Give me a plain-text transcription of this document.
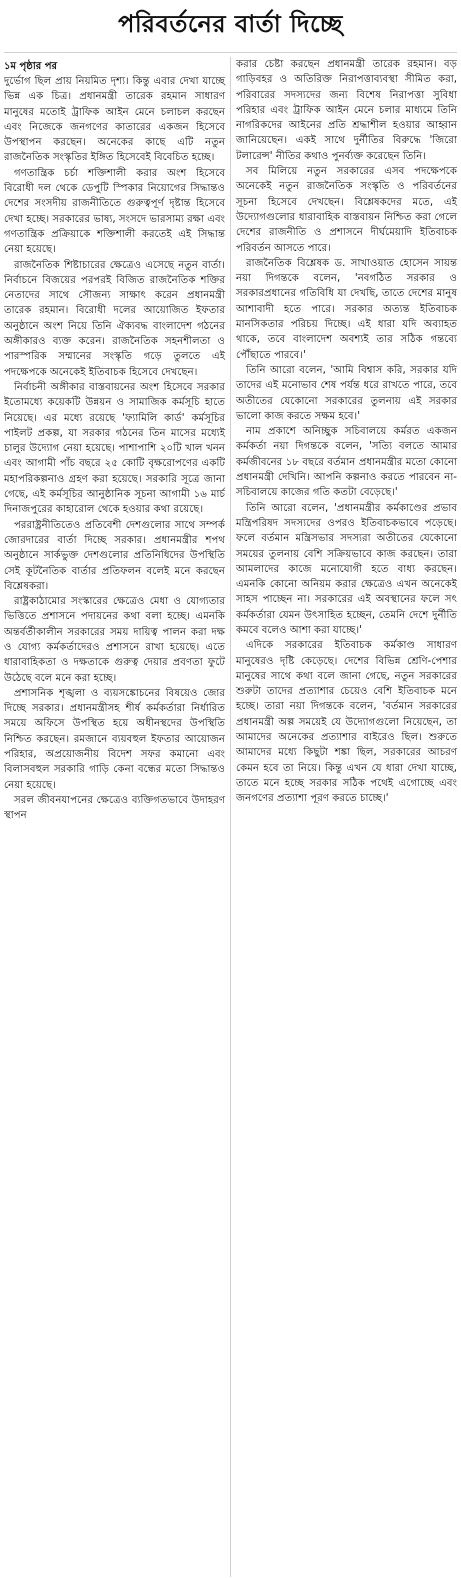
পরিবর্তনের বার্তা দিচ্ছে

১ম পৃষ্ঠার পর

দুর্ভোগ ছিল প্রায় নিয়মিত দৃশ্য। কিন্তু এবার দেখা যাচ্ছে ভিন্ন এক চিত্র। প্রধানমন্ত্রী তারেক রহমান সাধারণ মানুষের মতোই ট্রাফিক আইন মেনে চলাচল করছেন এবং নিজেকে জনগণের কাতারের একজন হিসেবে উপস্থাপন করছেন। অনেকের কাছে এটি নতুন রাজনৈতিক সংস্কৃতির ইঙ্গিত হিসেবেই বিবেচিত হচ্ছে।

গণতান্ত্রিক চর্চা শক্তিশালী করার অংশ হিসেবে বিরোধী দল থেকে ডেপুটি স্পিকার নিয়োগের সিদ্ধান্তও দেশের সংসদীয় রাজনীতিতে গুরুত্বপূর্ণ দৃষ্টান্ত হিসেবে দেখা হচ্ছে। সরকারের ভাষ্য, সংসদে ভারসাম্য রক্ষা এবং গণতান্ত্রিক প্রক্রিয়াকে শক্তিশালী করতেই এই সিদ্ধান্ত নেয়া হয়েছে।

রাজনৈতিক শিষ্টাচারের ক্ষেত্রেও এসেছে নতুন বার্তা। নির্বাচনে বিজয়ের পরপরই বিজিত রাজনৈতিক শক্তির নেতাদের সাথে সৌজন্য সাক্ষাৎ করেন প্রধানমন্ত্রী তারেক রহমান। বিরোধী দলের আয়োজিত ইফতার অনুষ্ঠানে অংশ নিয়ে তিনি ঐক্যবদ্ধ বাংলাদেশ গঠনের অঙ্গীকারও ব্যক্ত করেন। রাজনৈতিক সহনশীলতা ও পারস্পরিক সম্মানের সংস্কৃতি গড়ে তুলতে এই পদক্ষেপকে অনেকেই ইতিবাচক হিসেবে দেখছেন।

নির্বাচনী অঙ্গীকার বাস্তবায়নের অংশ হিসেবে সরকার ইতোমধ্যে কয়েকটি উন্নয়ন ও সামাজিক কর্মসূচি হাতে নিয়েছে। এর মধ্যে রয়েছে 'ফ্যামিলি কার্ড' কর্মসূচির পাইলট প্রকল্প, যা সরকার গঠনের তিন মাসের মধ্যেই চালুর উদ্যোগ নেয়া হয়েছে। পাশাপাশি ২০টি খাল খনন এবং আগামী পাঁচ বছরে ২৫ কোটি বৃক্ষরোপণের একটি মহাপরিকল্পনাও গ্রহণ করা হয়েছে। সরকারি সূত্রে জানা গেছে, এই কর্মসূচির আনুষ্ঠানিক সূচনা আগামী ১৬ মার্চ দিনাজপুরের কাহারোল থেকে হওয়ার কথা রয়েছে।

পররাষ্ট্রনীতিতেও প্রতিবেশী দেশগুলোর সাথে সম্পর্ক জোরদারের বার্তা দিচ্ছে সরকার। প্রধানমন্ত্রীর শপথ অনুষ্ঠানে সার্কভুক্ত দেশগুলোর প্রতিনিধিদের উপস্থিতি সেই কূটনৈতিক বার্তার প্রতিফলন বলেই মনে করছেন বিশ্লেষকরা।

রাষ্ট্রকাঠামোর সংস্কারের ক্ষেত্রেও মেধা ও যোগ্যতার ভিত্তিতে প্রশাসনে পদায়নের কথা বলা হচ্ছে। এমনকি অন্তর্বর্তীকালীন সরকারের সময় দায়িত্ব পালন করা দক্ষ ও যোগ্য কর্মকর্তাদেরও প্রশাসনে রাখা হয়েছে। এতে ধারাবাহিকতা ও দক্ষতাকে গুরুত্ব দেয়ার প্রবণতা ফুটে উঠেছে বলে মনে করা হচ্ছে।

প্রশাসনিক শৃঙ্খলা ও ব্যয়সঙ্কোচনের বিষয়েও জোর দিচ্ছে সরকার। প্রধানমন্ত্রীসহ শীর্ষ কর্মকর্তারা নির্ধারিত সময়ে অফিসে উপস্থিত হয়ে অধীনস্থদের উপস্থিতি নিশ্চিত করছেন। রমজানে ব্যয়বহুল ইফতার আয়োজন পরিহার, অপ্রয়োজনীয় বিদেশ সফর কমানো এবং বিলাসবহুল সরকারি গাড়ি কেনা বন্ধের মতো সিদ্ধান্তও নেয়া হয়েছে।

সরল জীবনযাপনের ক্ষেত্রেও ব্যক্তিগতভাবে উদাহরণ স্থাপন

করার চেষ্টা করছেন প্রধানমন্ত্রী তারেক রহমান। বড় গাড়িবহর ও অতিরিক্ত নিরাপত্তাব্যবস্থা সীমিত করা, পরিবারের সদস্যদের জন্য বিশেষ নিরাপত্তা সুবিধা পরিহার এবং ট্রাফিক আইন মেনে চলার মাধ্যমে তিনি নাগরিকদের আইনের প্রতি শ্রদ্ধাশীল হওয়ার আহ্বান জানিয়েছেন। একই সাথে দুর্নীতির বিরুদ্ধে 'জিরো টলারেন্স' নীতির কথাও পুনর্ব্যক্ত করেছেন তিনি।

সব মিলিয়ে নতুন সরকারের এসব পদক্ষেপকে অনেকেই নতুন রাজনৈতিক সংস্কৃতি ও পরিবর্তনের সূচনা হিসেবে দেখছেন। বিশ্লেষকদের মতে, এই উদ্যোগগুলোর ধারাবাহিক বাস্তবায়ন নিশ্চিত করা গেলে দেশের রাজনীতি ও প্রশাসনে দীর্ঘমেয়াদি ইতিবাচক পরিবর্তন আসতে পারে।

রাজনৈতিক বিশ্লেষক ড. সাখাওয়াত হোসেন সায়ন্ত নয়া দিগন্তকে বলেন, 'নবগঠিত সরকার ও সরকারপ্রধানের গতিবিধি যা দেখছি, তাতে দেশের মানুষ আশাবাদী হতে পারে। সরকার অত্যন্ত ইতিবাচক মানসিকতার পরিচয় দিচ্ছে। এই ধারা যদি অব্যাহত থাকে, তবে বাংলাদেশ অবশ্যই তার সঠিক গন্তব্যে পৌঁছাতে পারবে।'

তিনি আরো বলেন, 'আমি বিশ্বাস করি, সরকার যদি তাদের এই মনোভাব শেষ পর্যন্ত ধরে রাখতে পারে, তবে অতীতের যেকোনো সরকারের তুলনায় এই সরকার ভালো কাজ করতে সক্ষম হবে।'

নাম প্রকাশে অনিচ্ছুক সচিবালয়ে কর্মরত একজন কর্মকর্তা নয়া দিগন্তকে বলেন, 'সত্যি বলতে আমার কর্মজীবনের ১৮ বছরে বর্তমান প্রধানমন্ত্রীর মতো কোনো প্রধানমন্ত্রী দেখিনি। আপনি কল্পনাও করতে পারবেন না- সচিবালয়ে কাজের গতি কতটা বেড়েছে।'

তিনি আরো বলেন, 'প্রধানমন্ত্রীর কর্মকাণ্ডের প্রভাব মন্ত্রিপরিষদ সদস্যদের ওপরও ইতিবাচকভাবে পড়েছে। ফলে বর্তমান মন্ত্রিসভার সদস্যরা অতীতের যেকোনো সময়ের তুলনায় বেশি সক্রিয়ভাবে কাজ করছেন। তারা আমলাদের কাজে মনোযোগী হতে বাধ্য করছেন। এমনকি কোনো অনিয়ম করার ক্ষেত্রেও এখন অনেকেই সাহস পাচ্ছেন না। সরকারের এই অবস্থানের ফলে সৎ কর্মকর্তারা যেমন উৎসাহিত হচ্ছেন, তেমনি দেশে দুর্নীতি কমবে বলেও আশা করা যাচ্ছে।'

এদিকে সরকারের ইতিবাচক কর্মকাণ্ড সাধারণ মানুষেরও দৃষ্টি কেড়েছে। দেশের বিভিন্ন শ্রেণি-পেশার মানুষের সাথে কথা বলে জানা গেছে, নতুন সরকারের শুরুটা তাদের প্রত্যাশার চেয়েও বেশি ইতিবাচক মনে হচ্ছে। তারা নয়া দিগন্তকে বলেন, 'বর্তমান সরকারের প্রধানমন্ত্রী অল্প সময়েই যে উদ্যোগগুলো নিয়েছেন, তা আমাদের অনেকের প্রত্যাশার বাইরেও ছিল। শুরুতে আমাদের মধ্যে কিছুটা শঙ্কা ছিল, সরকারের আচরণ কেমন হবে তা নিয়ে। কিন্তু এখন যে ধারা দেখা যাচ্ছে, তাতে মনে হচ্ছে সরকার সঠিক পথেই এগোচ্ছে এবং জনগণের প্রত্যাশা পূরণ করতে চাচ্ছে।'
